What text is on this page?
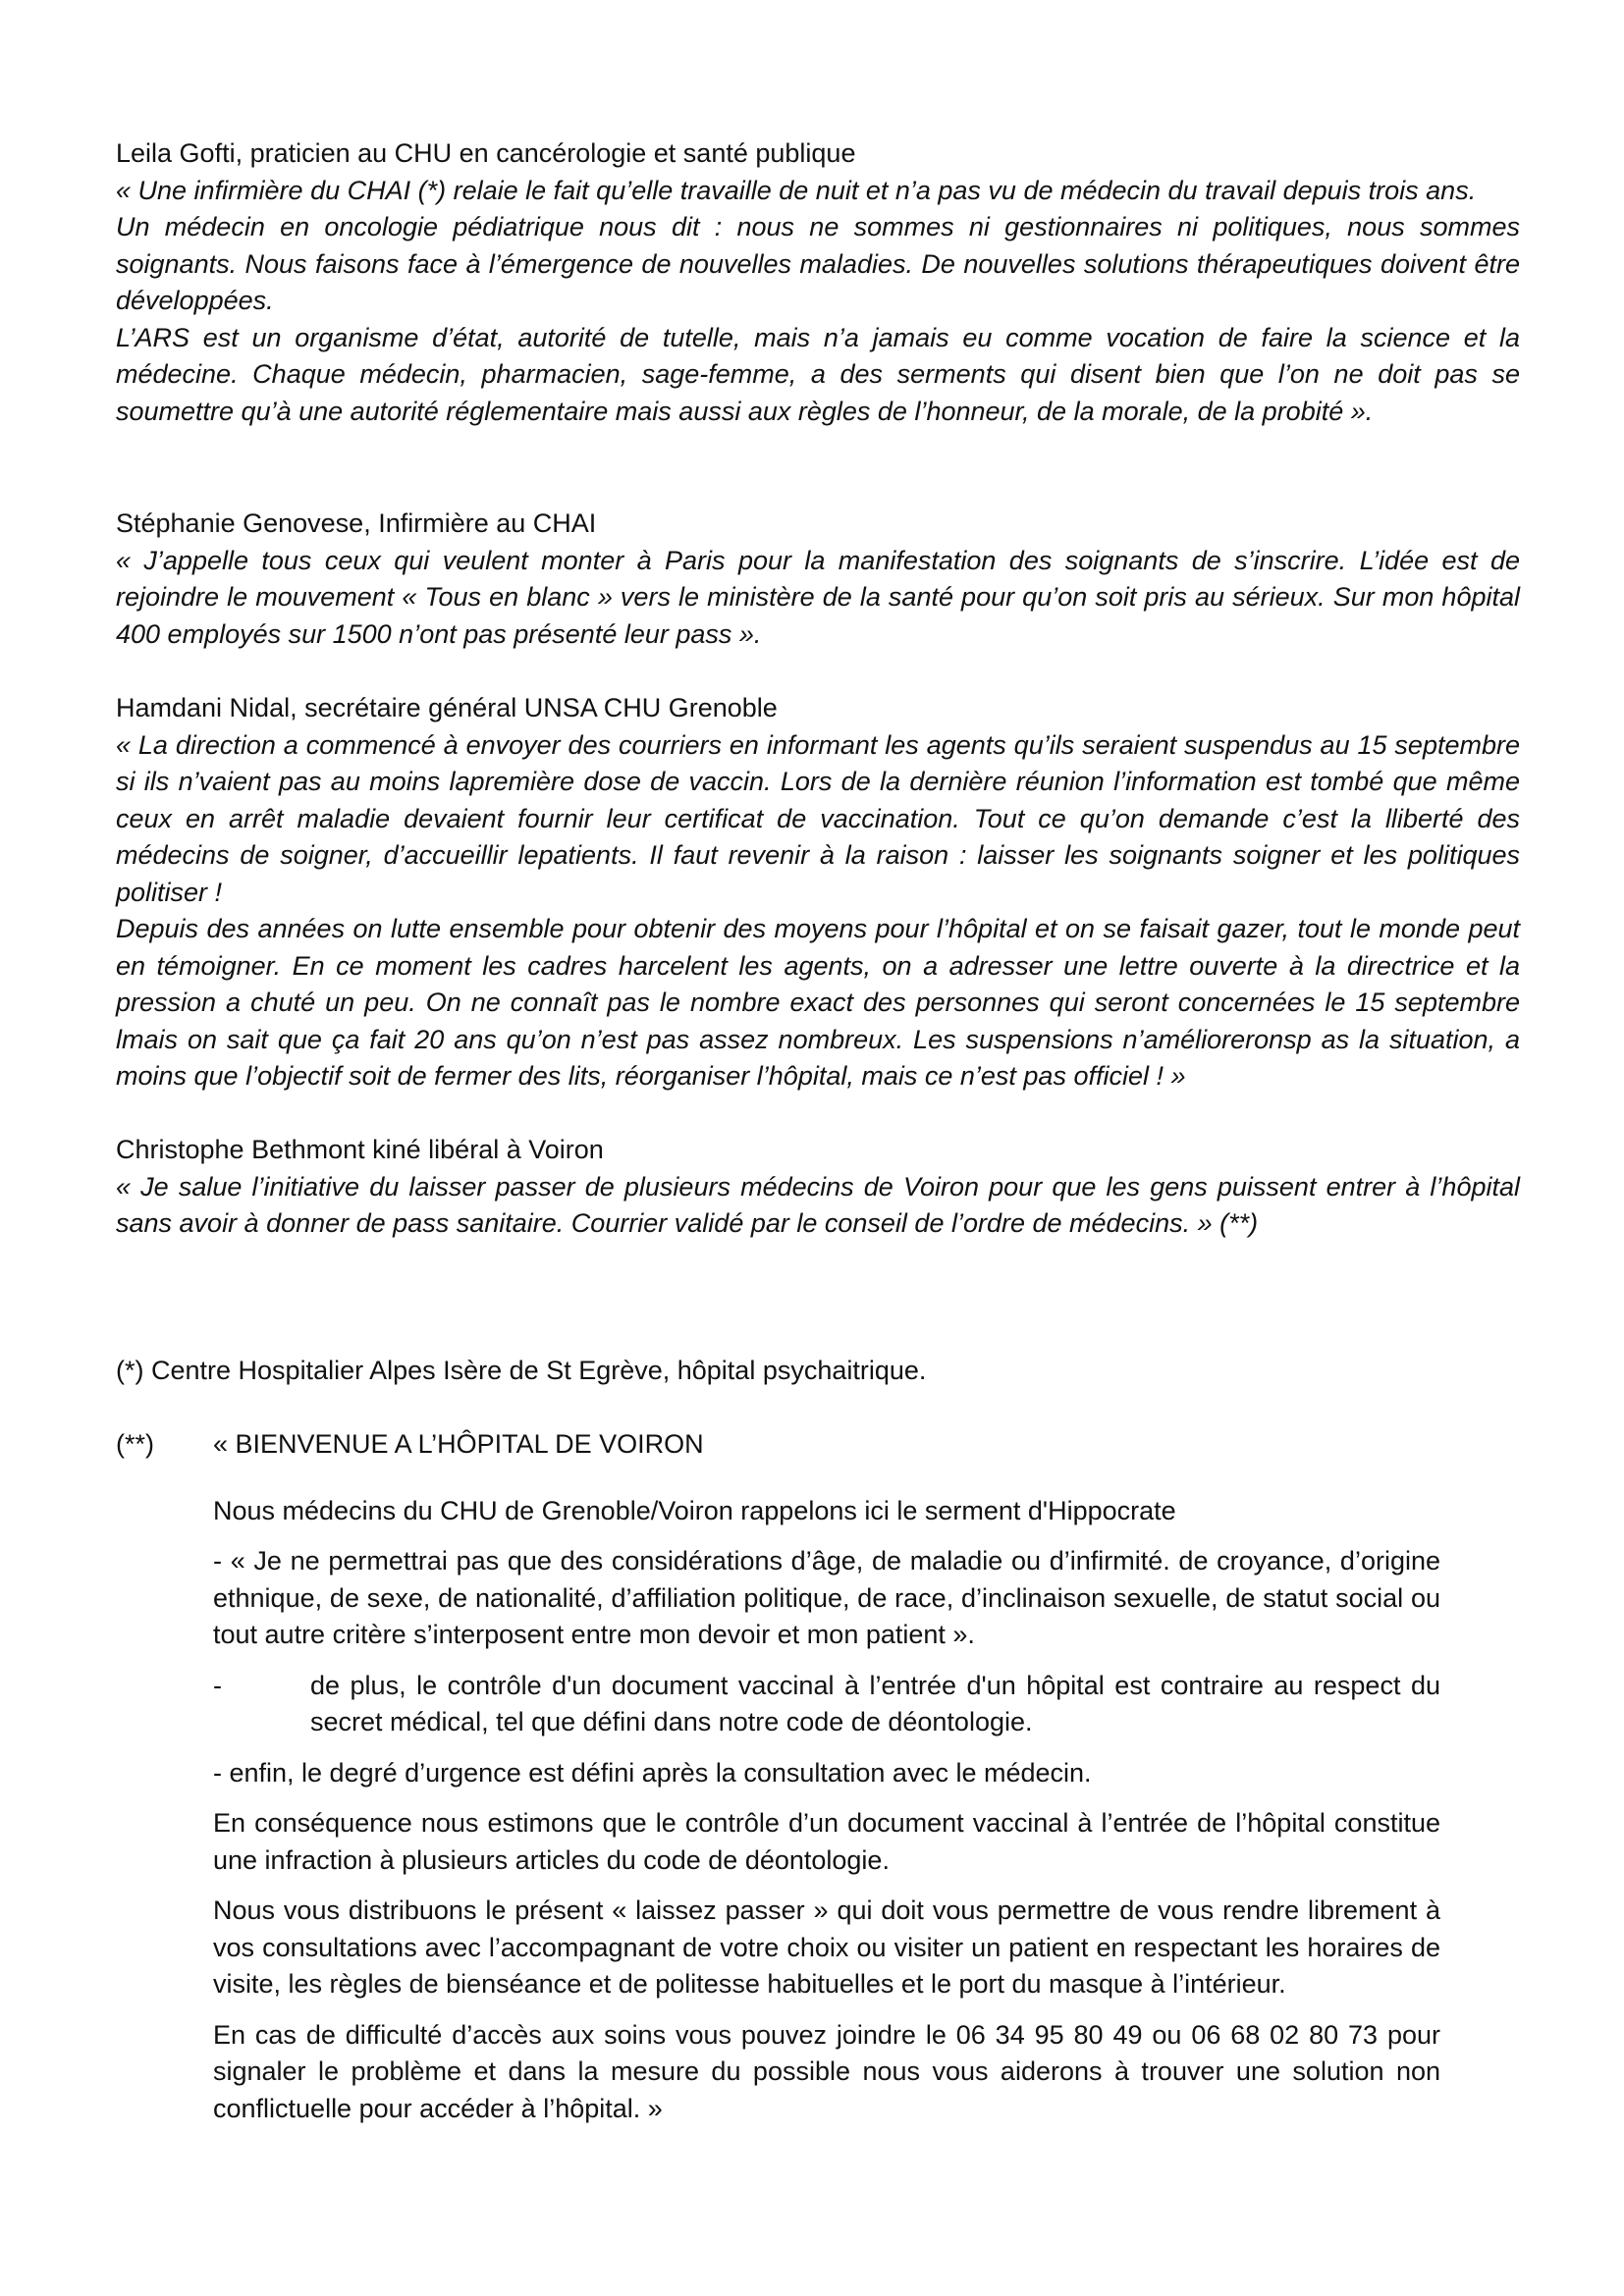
Leila Gofti, praticien au CHU en cancérologie et santé publique

« Une infirmière du CHAI (*) relaie le fait qu’elle travaille de nuit et n’a pas vu de médecin du travail depuis trois ans.

Un médecin en oncologie pédiatrique nous dit : nous ne sommes ni gestionnaires ni politiques, nous sommes soignants. Nous faisons face à l’émergence de nouvelles maladies. De nouvelles solutions thérapeutiques doivent être développées.

L’ARS est un organisme d’état, autorité de tutelle, mais n’a jamais eu comme vocation de faire la science et la médecine. Chaque médecin, pharmacien, sage-femme, a des serments qui disent bien que l’on ne doit pas se soumettre qu’à une autorité réglementaire mais aussi aux règles de l’honneur, de la morale, de la probité ».

Stéphanie Genovese, Infirmière au CHAI

« J’appelle tous ceux qui veulent monter à Paris pour la manifestation des soignants de s’inscrire. L’idée est de rejoindre le mouvement « Tous en blanc » vers le ministère de la santé pour qu’on soit pris au sérieux. Sur mon hôpital 400 employés sur 1500 n’ont pas présenté leur pass ».

Hamdani Nidal, secrétaire général UNSA CHU Grenoble

« La direction a commencé à envoyer des courriers en informant les agents qu’ils seraient suspendus au 15 septembre si ils n’vaient pas au moins lapremière dose de vaccin. Lors de la dernière réunion l’information est tombé que même ceux en arrêt maladie devaient fournir leur certificat de vaccination. Tout ce qu’on demande c’est la lliberté des médecins de soigner, d’accueillir lepatients. Il faut revenir à la raison : laisser les soignants soigner et les politiques politiser !

Depuis des années on lutte ensemble pour obtenir des moyens pour l’hôpital et on se faisait gazer, tout le monde peut en témoigner. En ce moment les cadres harcelent les agents, on a adresser une lettre ouverte à la directrice et la pression a chuté un peu. On ne connaît pas le nombre exact des personnes qui seront concernées le 15 septembre lmais on sait que ça fait 20 ans qu’on n’est pas assez nombreux. Les suspensions n’améliorerons​p as la situation, a moins que l’objectif soit de fermer des lits, réorganiser l’hôpital, mais ce n’est pas officiel ! »

Christophe Bethmont kiné libéral à Voiron

« Je salue l’initiative du laisser passer de plusieurs médecins de Voiron pour que les gens puissent entrer à l’hôpital sans avoir à donner de pass sanitaire. Courrier validé par le conseil de l’ordre de médecins. » (**)

(*) Centre Hospitalier Alpes Isère de St Egrève, hôpital psychaitrique.

(**)	« BIENVENUE A L’HÔPITAL DE VOIRON

Nous médecins du CHU de Grenoble/Voiron rappelons ici le serment d'Hippocrate

- « Je ne permettrai pas que des considérations d’âge, de maladie ou d’infirmité. de croyance, d’origine ethnique, de sexe, de nationalité, d’affiliation politique, de race, d’inclinaison sexuelle, de statut social ou tout autre critère s’interposent entre mon devoir et mon patient ».

-	de plus, le contrôle d'un document vaccinal à l’entrée d'un hôpital est contraire au respect du secret médical, tel que défini dans notre code de déontologie.

- enfin, le degré d’urgence est défini après la consultation avec le médecin.

En conséquence nous estimons que le contrôle d’un document vaccinal à l’entrée de l’hôpital constitue une infraction à plusieurs articles du code de déontologie.

Nous vous distribuons le présent « laissez passer » qui doit vous permettre de vous rendre librement à vos consultations avec l’accompagnant de votre choix ou visiter un patient en respectant les horaires de visite, les règles de bienséance et de politesse habituelles et le port du masque à l’intérieur.

En cas de difficulté d’accès aux soins vous pouvez joindre le 06 34 95 80 49 ou 06 68 02 80 73 pour signaler le problème et dans la mesure du possible nous vous aiderons à trouver une solution non conflictuelle pour accéder à l’hôpital. »
